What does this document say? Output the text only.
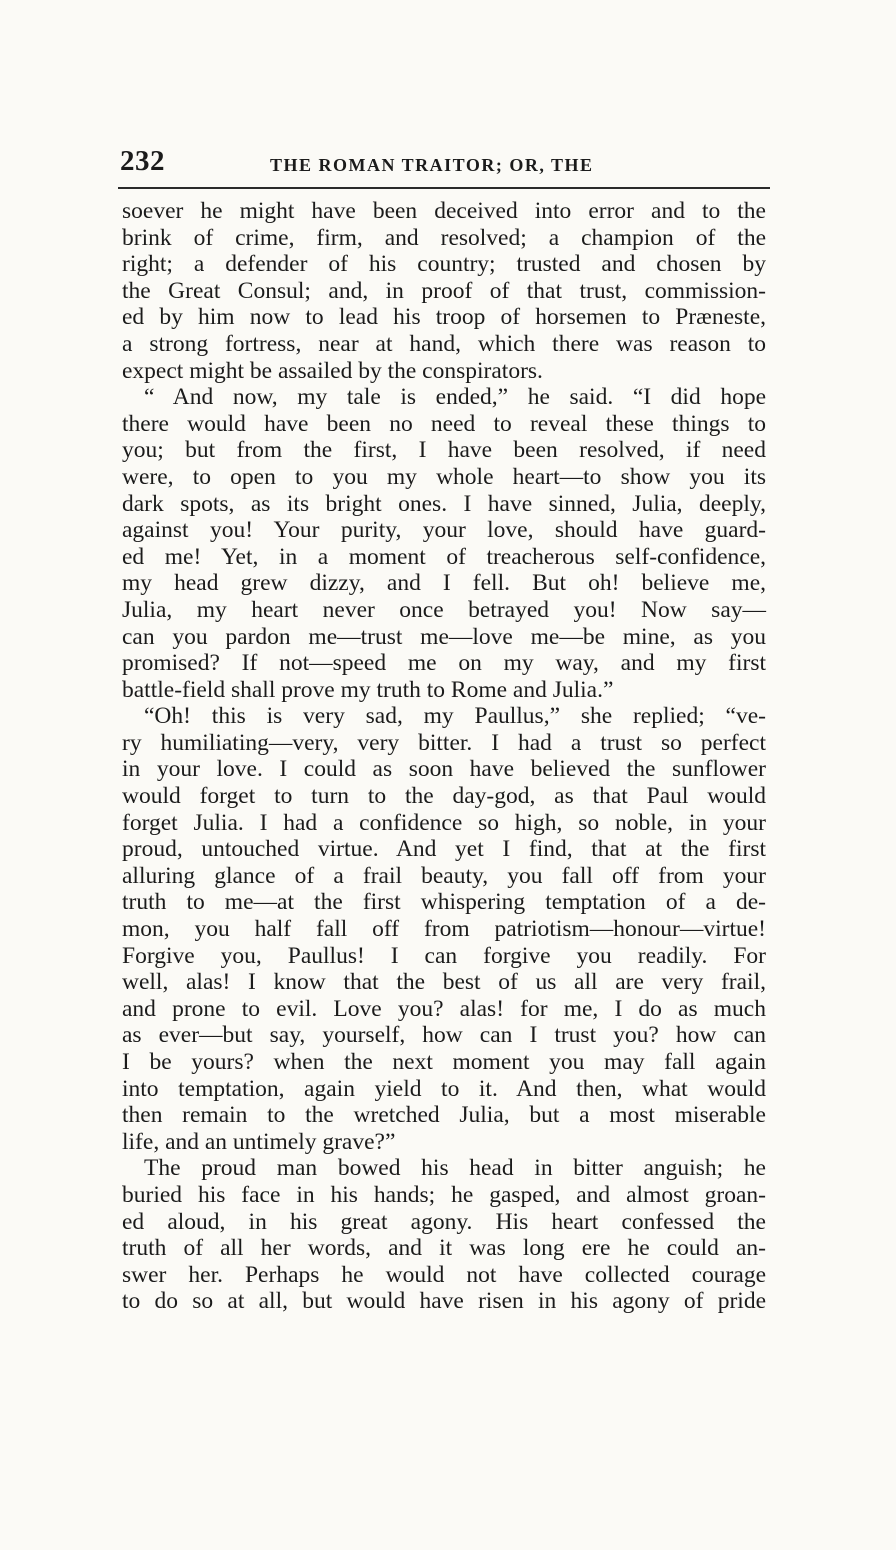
232	THE ROMAN TRAITOR; OR, THE
soever he might have been deceived into error and to the
brink of crime, firm, and resolved; a champion of the
right; a defender of his country; trusted and chosen by
the Great Consul; and, in proof of that trust, commission-
ed by him now to lead his troop of horsemen to Præneste,
a strong fortress, near at hand, which there was reason to
expect might be assailed by the conspirators.
“ And now, my tale is ended,” he said. “I did hope
there would have been no need to reveal these things to
you; but from the first, I have been resolved, if need
were, to open to you my whole heart—to show you its
dark spots, as its bright ones. I have sinned, Julia, deeply,
against you! Your purity, your love, should have guard-
ed me! Yet, in a moment of treacherous self-confidence,
my head grew dizzy, and I fell. But oh! believe me,
Julia, my heart never once betrayed you! Now say—
can you pardon me—trust me—love me—be mine, as you
promised? If not—speed me on my way, and my first
battle-field shall prove my truth to Rome and Julia.”
“Oh! this is very sad, my Paullus,” she replied; “ve-
ry humiliating—very, very bitter. I had a trust so perfect
in your love. I could as soon have believed the sunflower
would forget to turn to the day-god, as that Paul would
forget Julia. I had a confidence so high, so noble, in your
proud, untouched virtue. And yet I find, that at the first
alluring glance of a frail beauty, you fall off from your
truth to me—at the first whispering temptation of a de-
mon, you half fall off from patriotism—honour—virtue!
Forgive you, Paullus! I can forgive you readily. For
well, alas! I know that the best of us all are very frail,
and prone to evil. Love you? alas! for me, I do as much
as ever—but say, yourself, how can I trust you? how can
I be yours? when the next moment you may fall again
into temptation, again yield to it. And then, what would
then remain to the wretched Julia, but a most miserable
life, and an untimely grave?”
The proud man bowed his head in bitter anguish; he
buried his face in his hands; he gasped, and almost groan-
ed aloud, in his great agony. His heart confessed the
truth of all her words, and it was long ere he could an-
swer her. Perhaps he would not have collected courage
to do so at all, but would have risen in his agony of pride
